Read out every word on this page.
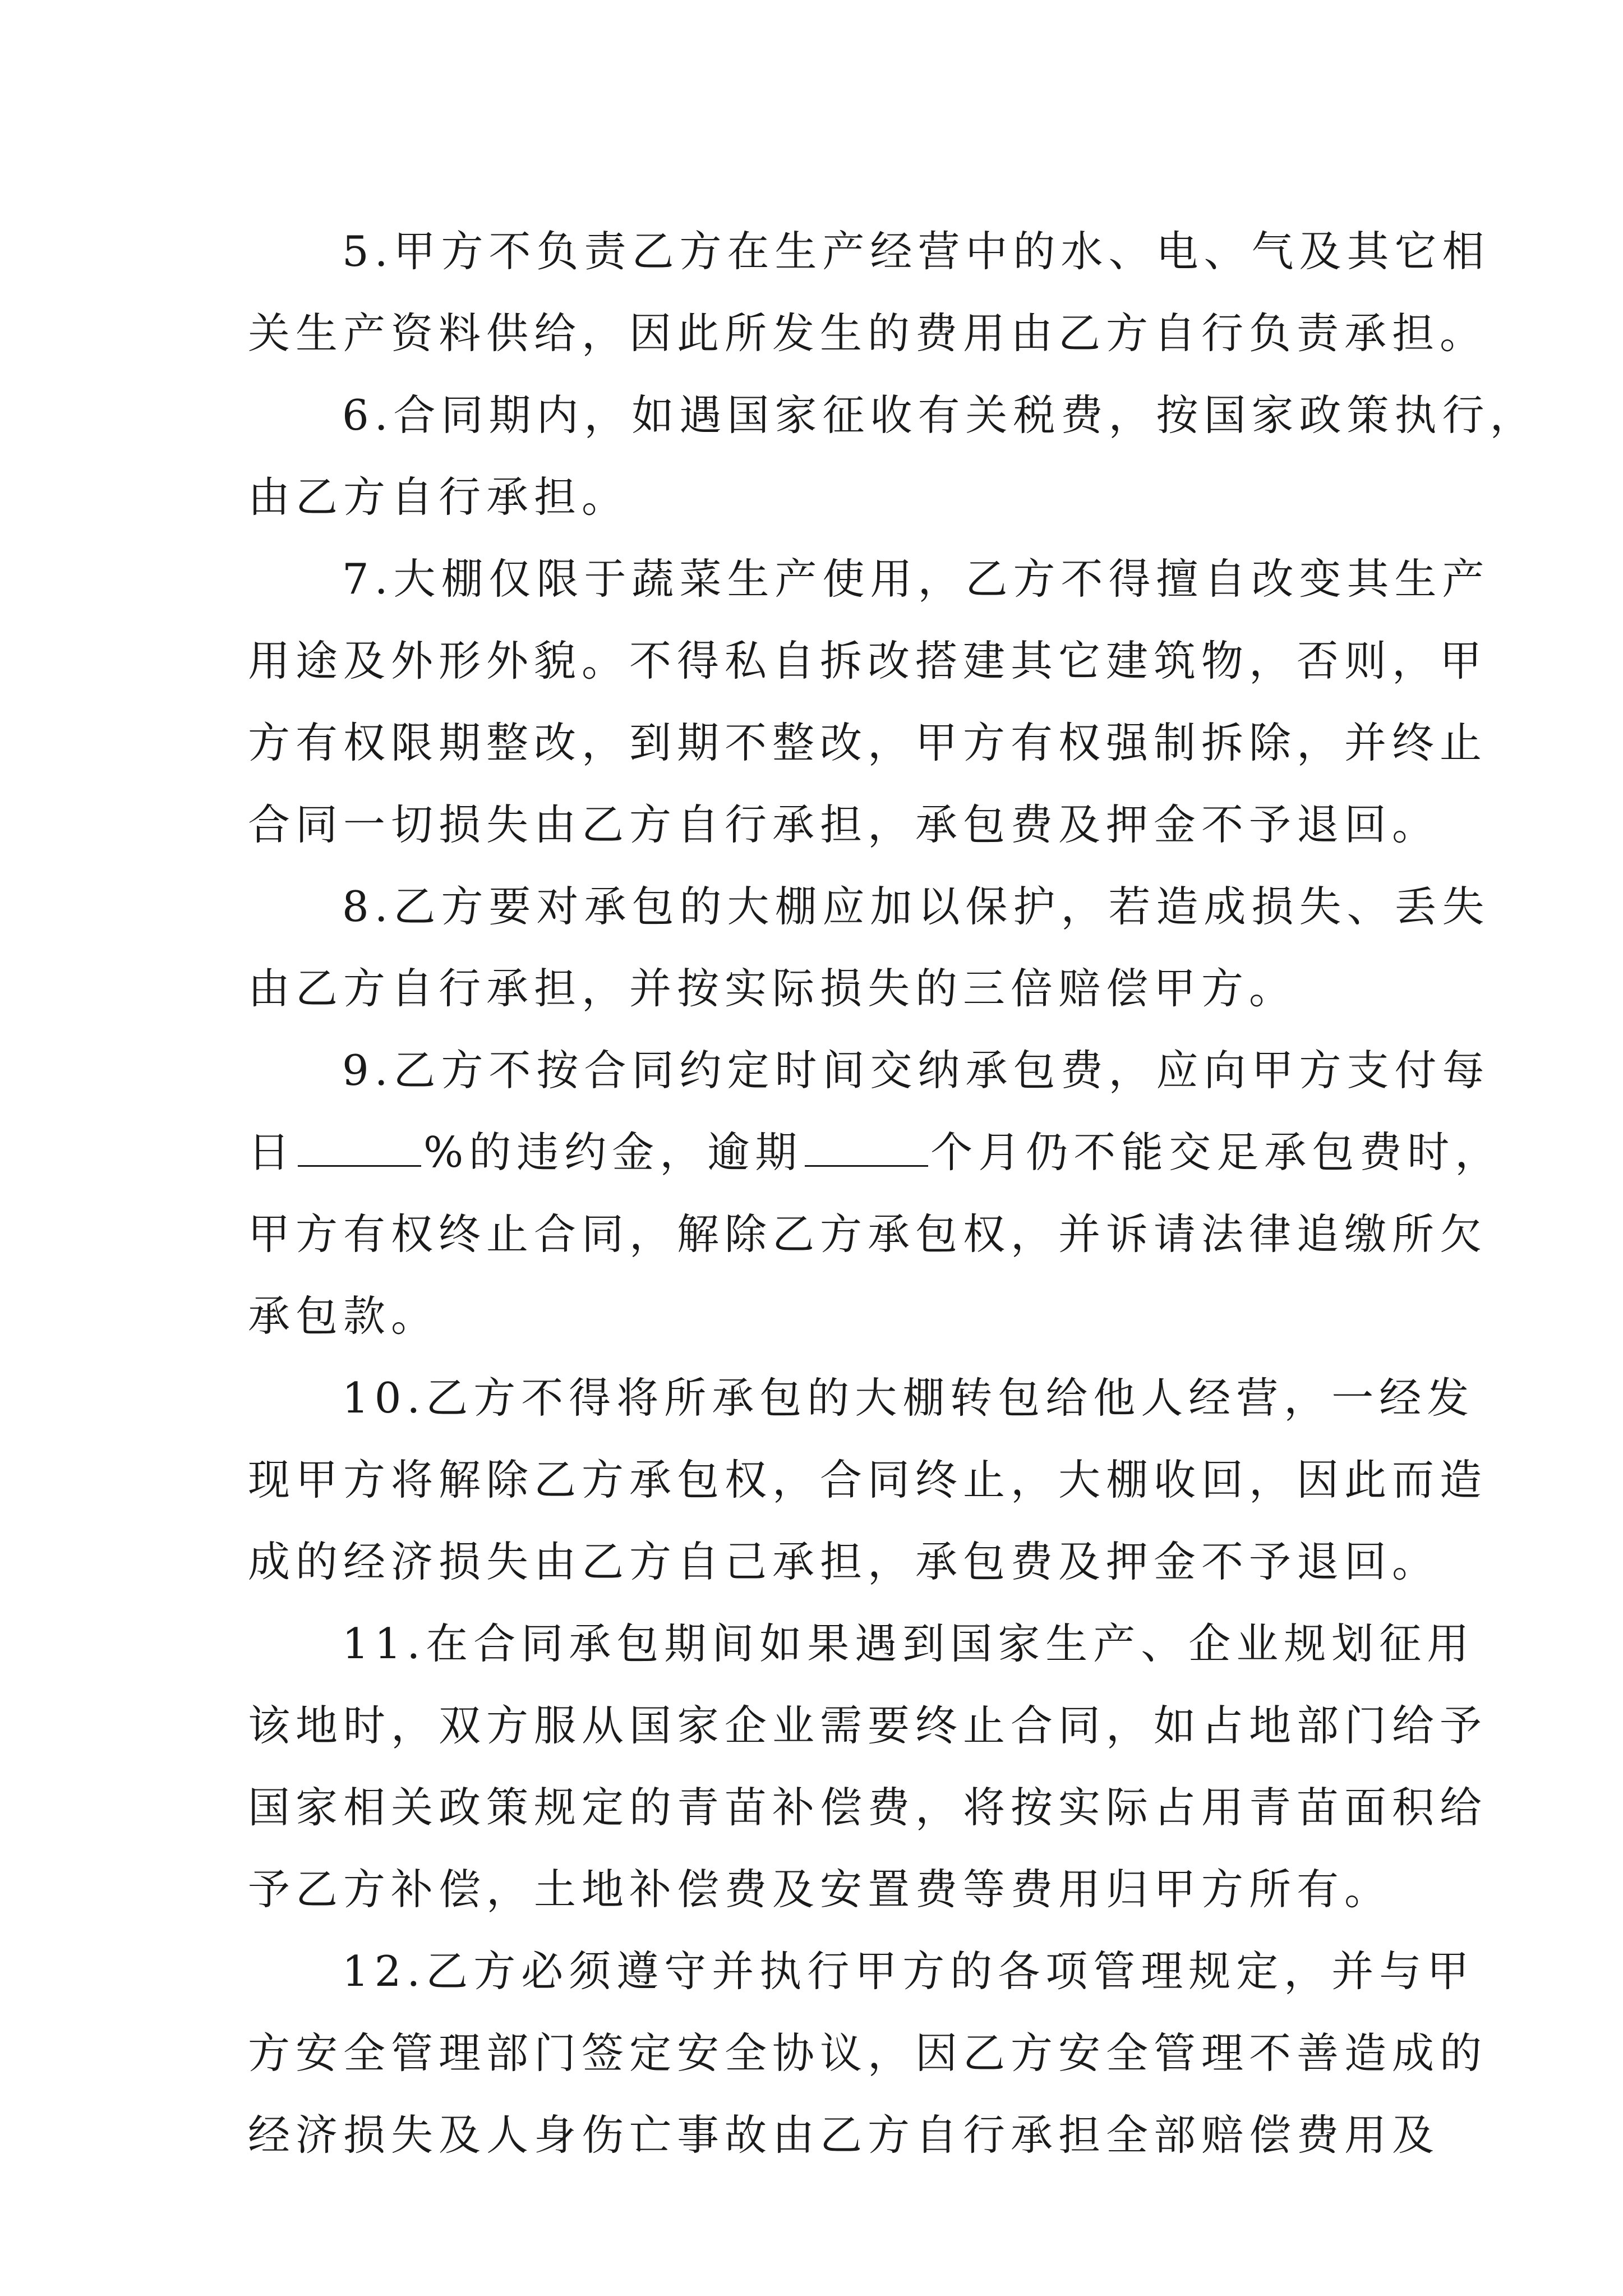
5.甲方不负责乙方在生产经营中的水、电、气及其它相
关生产资料供给，因此所发生的费用由乙方自行负责承担。

6.合同期内，如遇国家征收有关税费，按国家政策执行，
由乙方自行承担。

7.大棚仅限于蔬菜生产使用，乙方不得擅自改变其生产
用途及外形外貌。不得私自拆改搭建其它建筑物，否则，甲
方有权限期整改，到期不整改，甲方有权强制拆除，并终止
合同一切损失由乙方自行承担，承包费及押金不予退回。

8.乙方要对承包的大棚应加以保护，若造成损失、丢失
由乙方自行承担，并按实际损失的三倍赔偿甲方。

9.乙方不按合同约定时间交纳承包费，应向甲方支付每
日	%的违约金，逾期	个月仍不能交足承包费时，
甲方有权终止合同，解除乙方承包权，并诉请法律追缴所欠
承包款。

10.乙方不得将所承包的大棚转包给他人经营，一经发
现甲方将解除乙方承包权，合同终止，大棚收回，因此而造
成的经济损失由乙方自己承担，承包费及押金不予退回。

11.在合同承包期间如果遇到国家生产、企业规划征用
该地时，双方服从国家企业需要终止合同，如占地部门给予
国家相关政策规定的青苗补偿费，将按实际占用青苗面积给
予乙方补偿，土地补偿费及安置费等费用归甲方所有。

12.乙方必须遵守并执行甲方的各项管理规定，并与甲
方安全管理部门签定安全协议，因乙方安全管理不善造成的
经济损失及人身伤亡事故由乙方自行承担全部赔偿费用及
